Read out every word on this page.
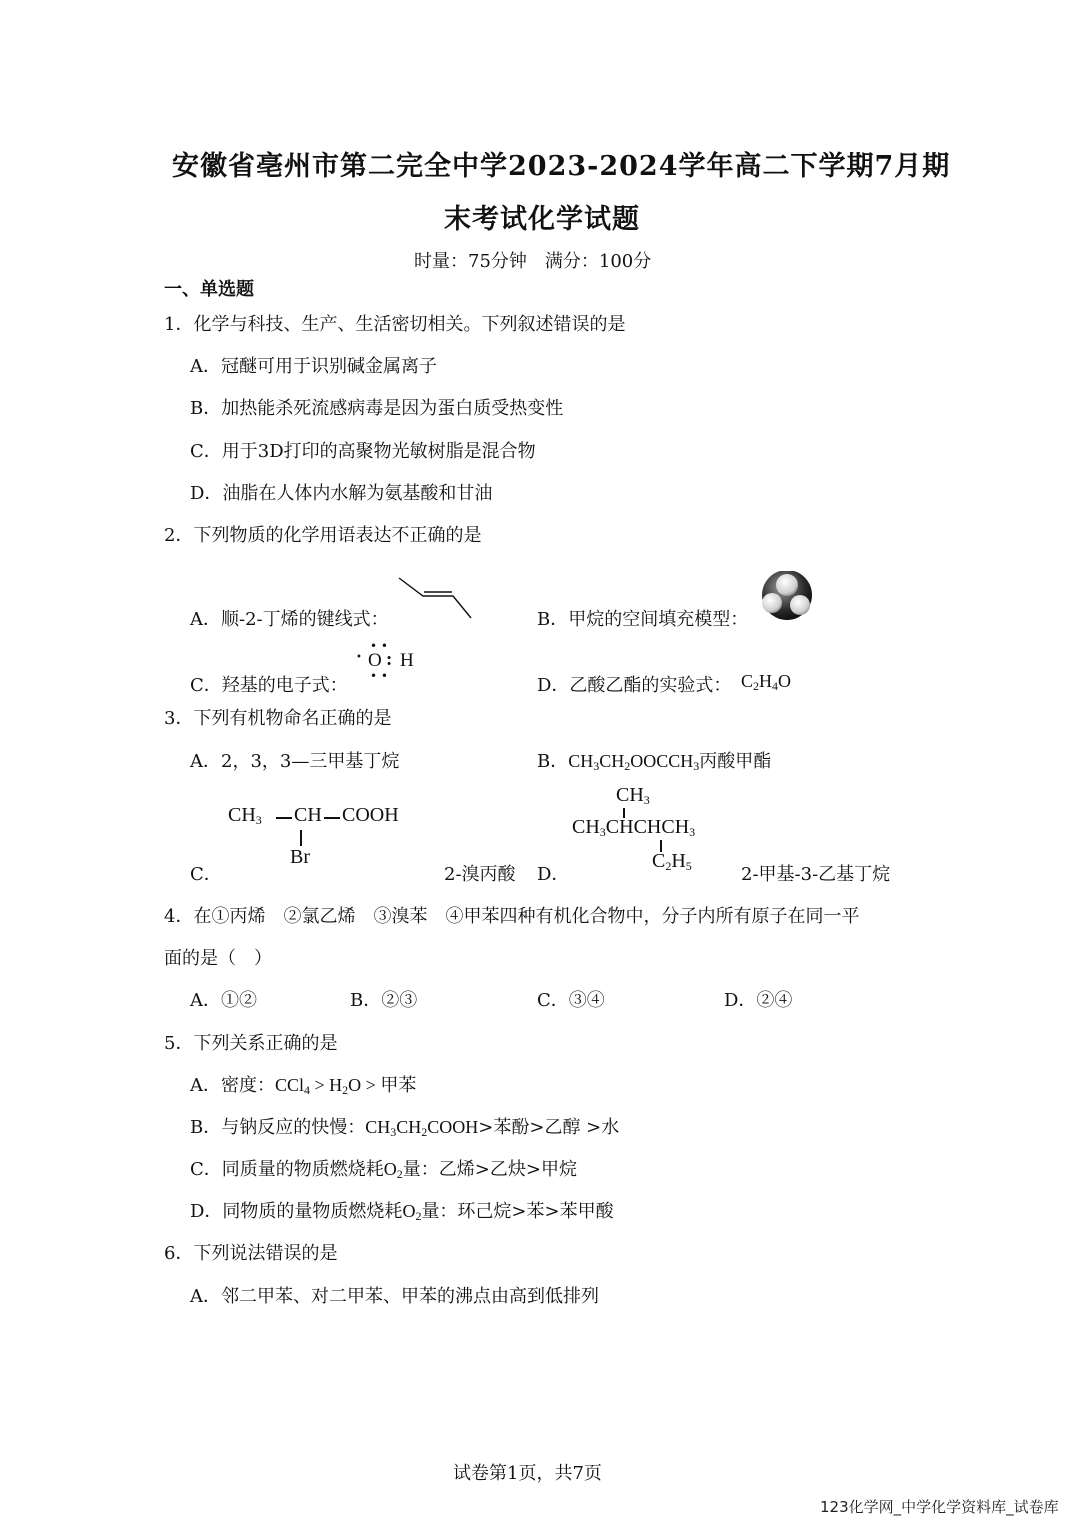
安徽省亳州市第二完全中学2023-2024学年高二下学期7月期
末考试化学试题
时量：75分钟　满分：100分
一、单选题
1．化学与科技、生产、生活密切相关。下列叙述错误的是
A．冠醚可用于识别碱金属离子
B．加热能杀死流感病毒是因为蛋白质受热变性
C．用于3D打印的高聚物光敏树脂是混合物
D．油脂在人体内水解为氨基酸和甘油
2．下列物质的化学用语表达不正确的是
A．顺-2-丁烯的键线式：	B．甲烷的空间填充模型：
C．羟基的电子式：
• •
• O : H
• •	D．乙酸乙酯的实验式： $C_2H_4O$
3．下列有机物命名正确的是
A．2，3，3—三甲基丁烷	B．$CH_3CH_2OOCCH_3$丙酸甲酯
C．
$CH_3$ CH COOH
Br
2-溴丙酸 D．
$CH_3$
$CH_3CHCHCH_3$
$C_2H_5$	2-甲基-3-乙基丁烷
4．在①丙烯　②氯乙烯　③溴苯　④甲苯四种有机化合物中，分子内所有原子在同一平
面的是（　）
A．①②	B．②③	C．③④	D．②④
5．下列关系正确的是
A．密度：$CCl_4 > H_2O$ > 甲苯
B．与钠反应的快慢：$CH_3CH_2COOH>$苯酚>乙醇 >水
C．同质量的物质燃烧耗$O_2$量：乙烯>乙炔>甲烷
D．同物质的量物质燃烧耗$O_2$量：环己烷>苯>苯甲酸
6．下列说法错误的是
A．邻二甲苯、对二甲苯、甲苯的沸点由高到低排列
试卷第1页，共7页
123化学网_中学化学资料库_试卷库
